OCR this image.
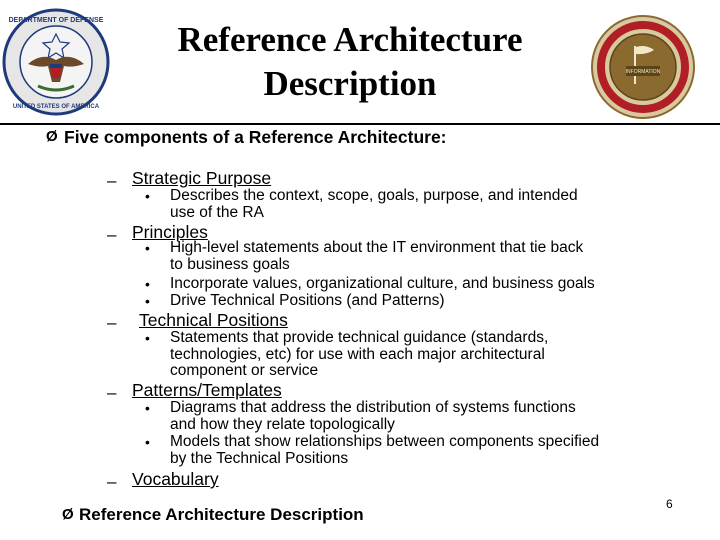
DEPARTMENT OF DEFENSE
UNITED STATES OF AMERICA
INFORMATION
Reference Architecture
Description
Ø Five components of a Reference Architecture:
– Strategic Purpose
• Describes the context, scope, goals, purpose, and intended
use of the RA
– Principles
• High-level statements about the IT environment that tie back
to business goals
• Incorporate values, organizational culture, and business goals
• Drive Technical Positions (and Patterns)
– Technical Positions
• Statements that provide technical guidance (standards,
technologies, etc) for use with each major architectural
component or service
– Patterns/Templates
• Diagrams that address the distribution of systems functions
and how they relate topologically
• Models that show relationships between components specified
by the Technical Positions
– Vocabulary
Ø Reference Architecture Description
6
